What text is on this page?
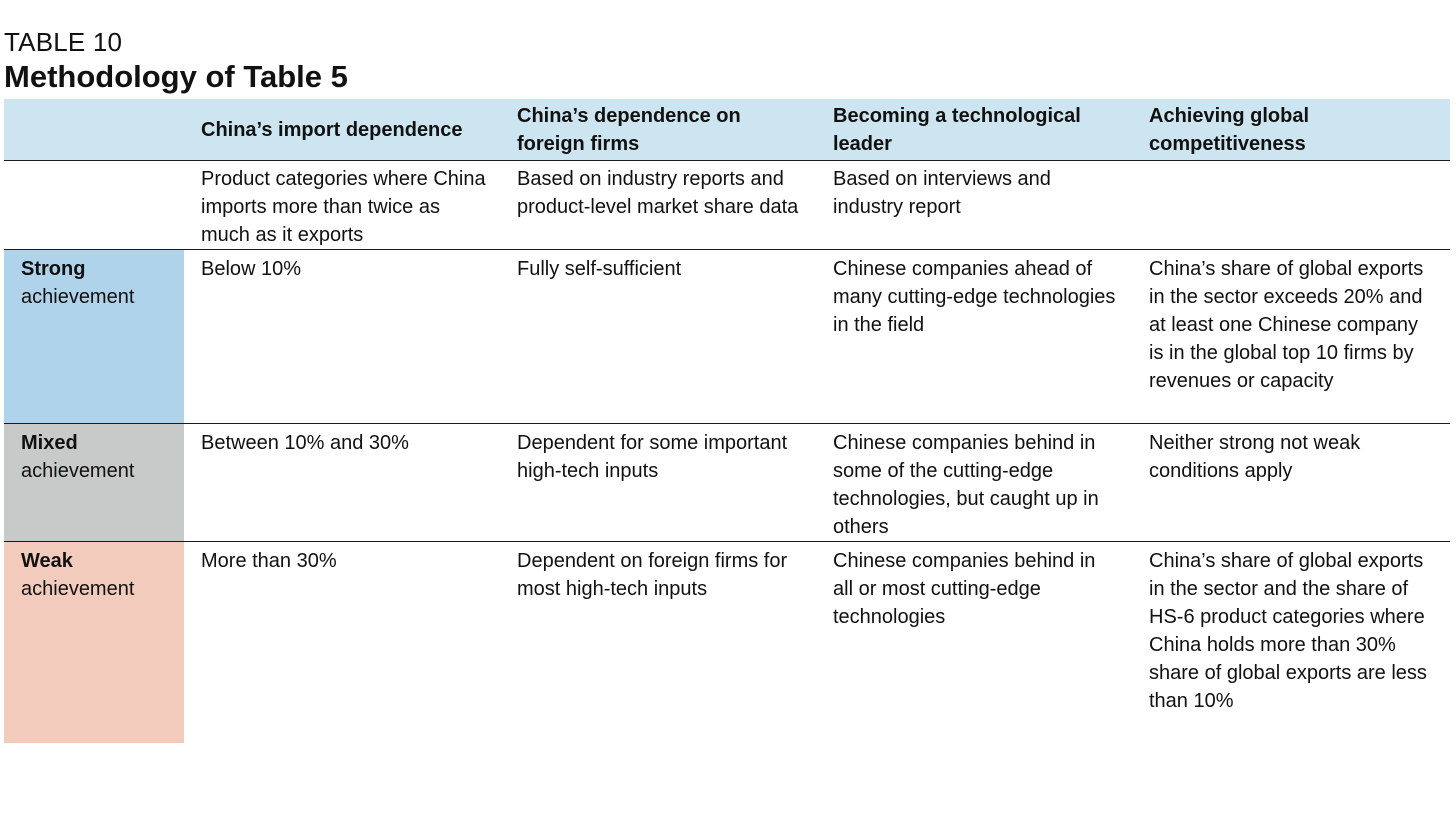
TABLE 10

Methodology of Table 5
	China’s import dependence	China’s dependence on foreign firms	Becoming a technological leader	Achieving global competitiveness
	Product categories where China imports more than twice as much as it exports	Based on industry reports and product-level market share data	Based on interviews and industry report	

Strong
achievement	Below 10%	Fully self-sufficient	Chinese companies ahead of many cutting-edge technologies in the field	China’s share of global exports in the sector exceeds 20% and at least one Chinese company is in the global top 10 firms by revenues or capacity

Mixed
achievement	Between 10% and 30%	Dependent for some important high-tech inputs	Chinese companies behind in some of the cutting-edge technologies, but caught up in others	Neither strong not weak conditions apply

Weak
achievement	More than 30%	Dependent on foreign firms for most high-tech inputs	Chinese companies behind in all or most cutting-edge technologies	China’s share of global exports in the sector and the share of HS-6 product categories where China holds more than 30% share of global exports are less than 10%
